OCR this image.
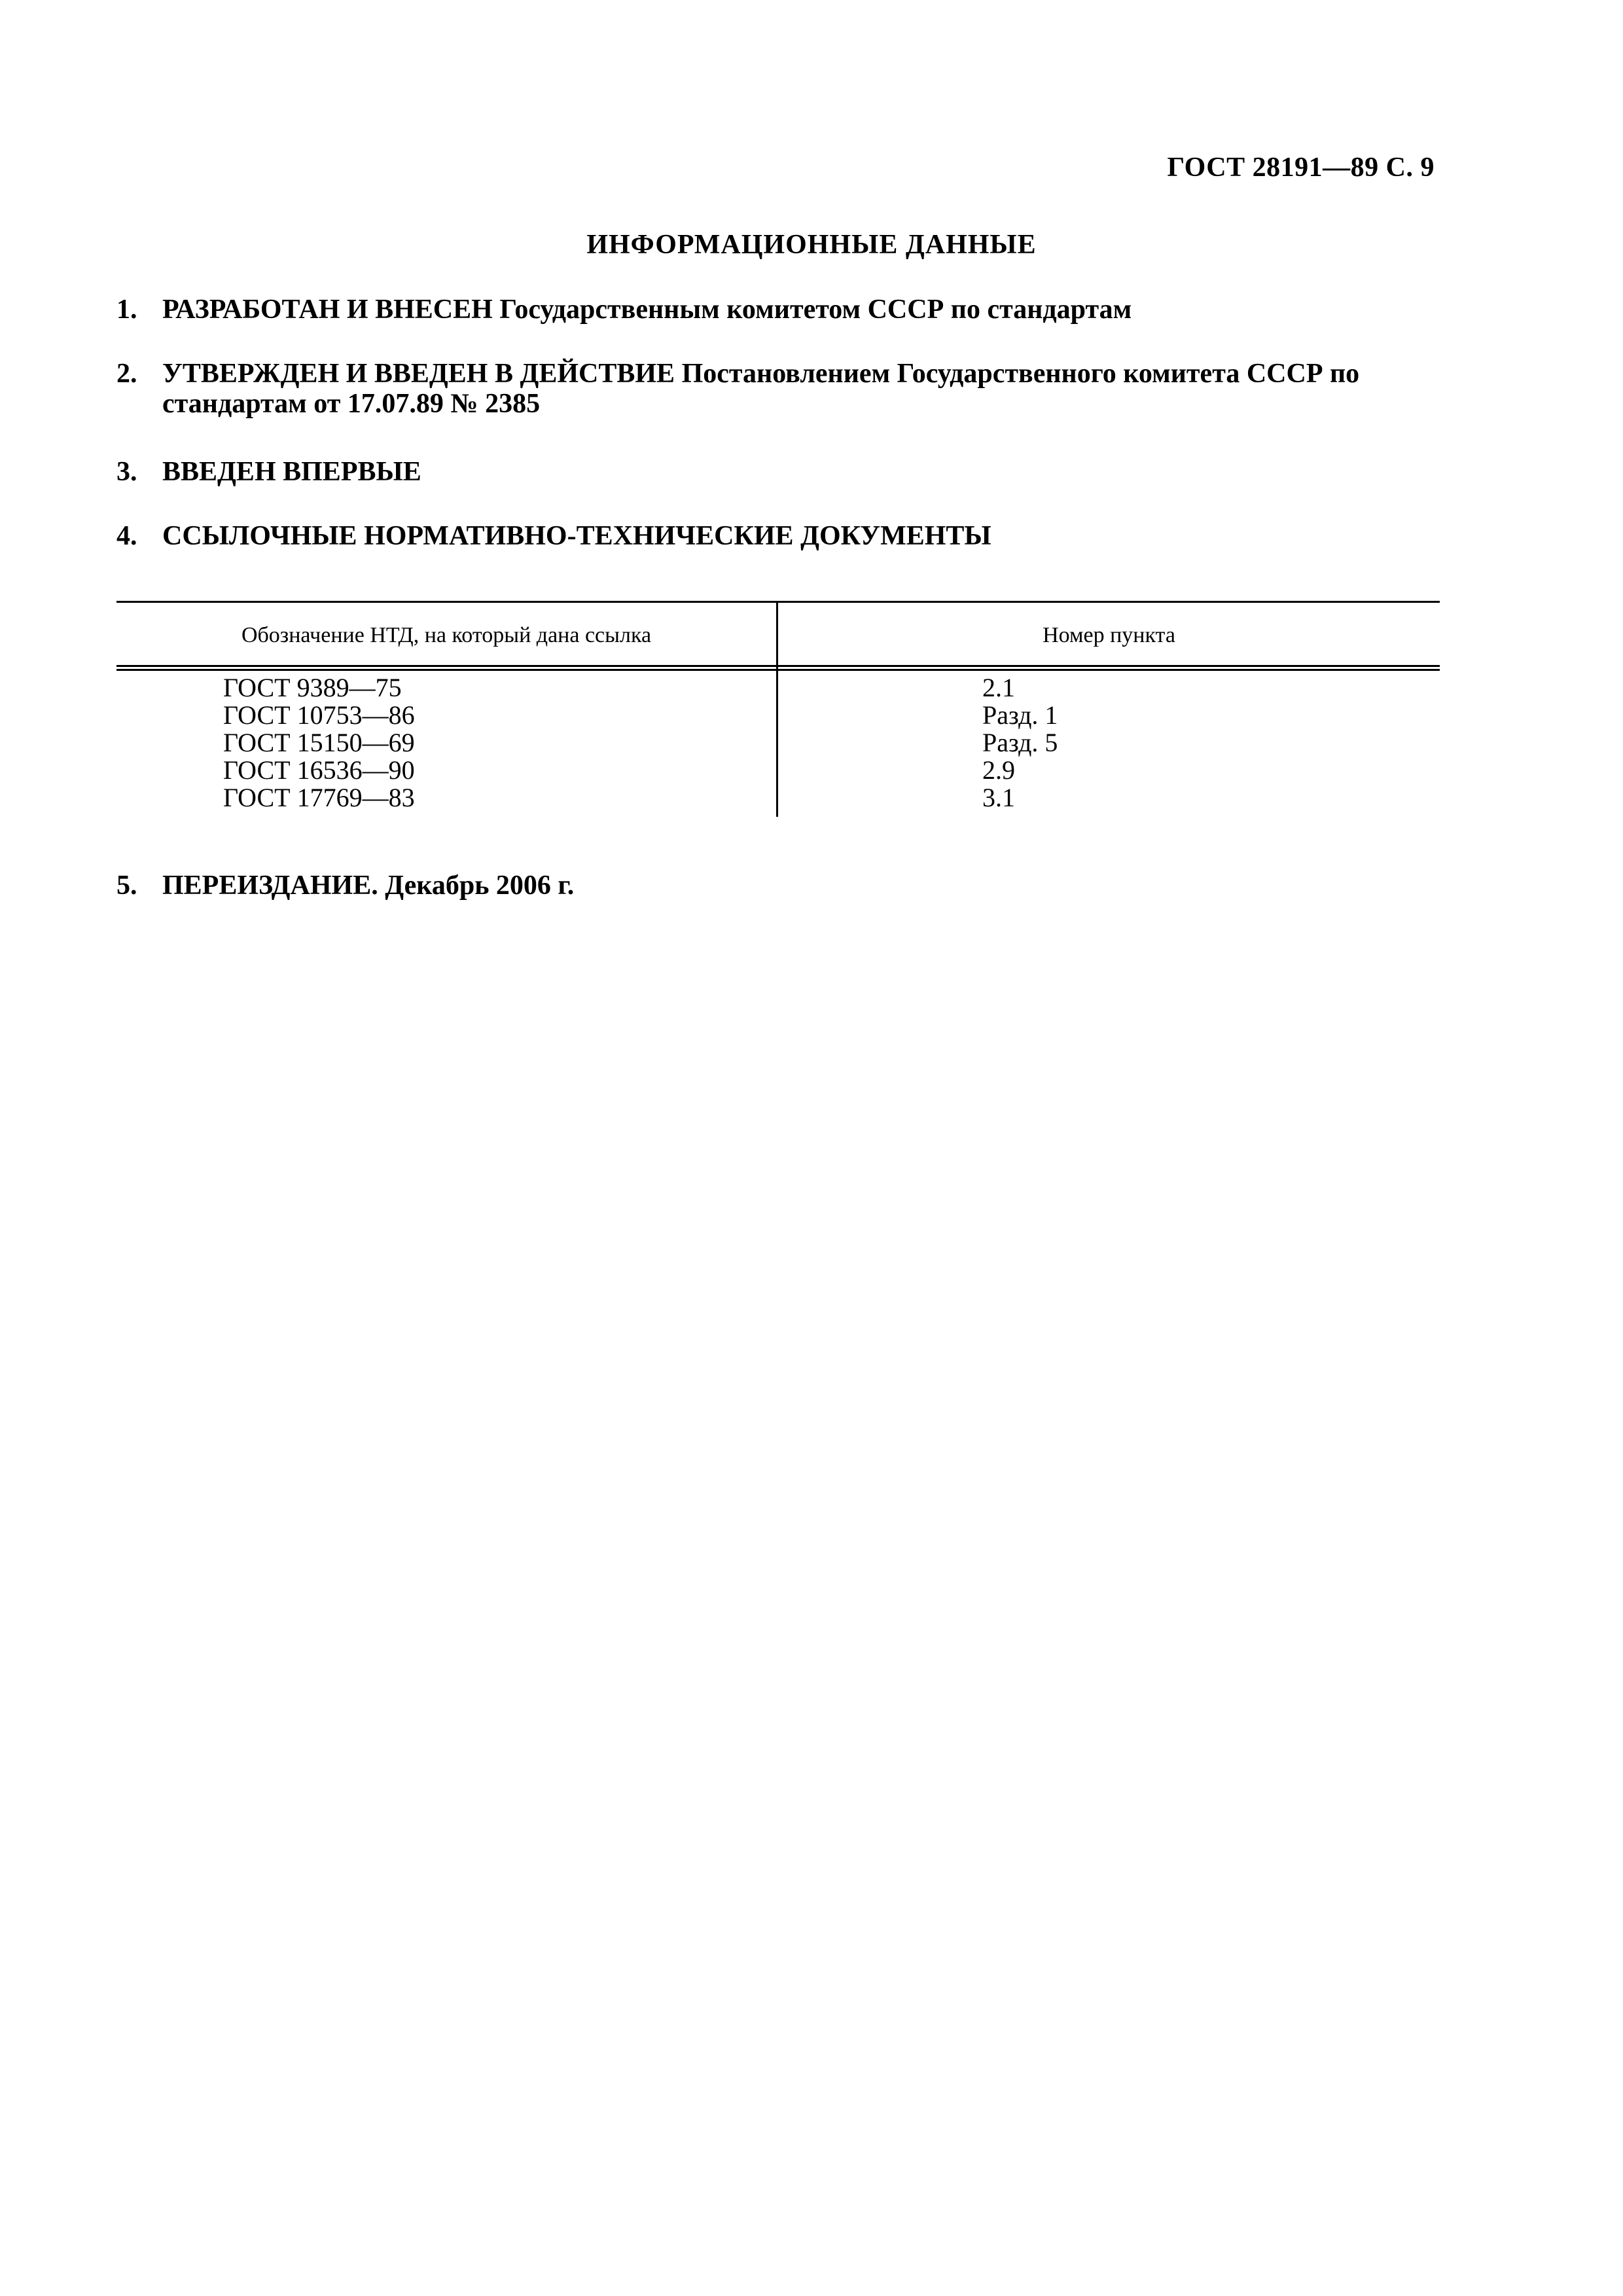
ГОСТ 28191—89 С. 9
ИНФОРМАЦИОННЫЕ ДАННЫЕ
1. РАЗРАБОТАН И ВНЕСЕН Государственным комитетом СССР по стандартам
2. УТВЕРЖДЕН И ВВЕДЕН В ДЕЙСТВИЕ Постановлением Государственного комитета СССР по стандартам от 17.07.89 № 2385
3. ВВЕДЕН ВПЕРВЫЕ
4. ССЫЛОЧНЫЕ НОРМАТИВНО-ТЕХНИЧЕСКИЕ ДОКУМЕНТЫ
5. ПЕРЕИЗДАНИЕ. Декабрь 2006 г.
Обозначение НТД, на который дана ссылка	Номер пункта
ГОСТ 9389—75	2.1
ГОСТ 10753—86	Разд. 1
ГОСТ 15150—69	Разд. 5
ГОСТ 16536—90	2.9
ГОСТ 17769—83	3.1
